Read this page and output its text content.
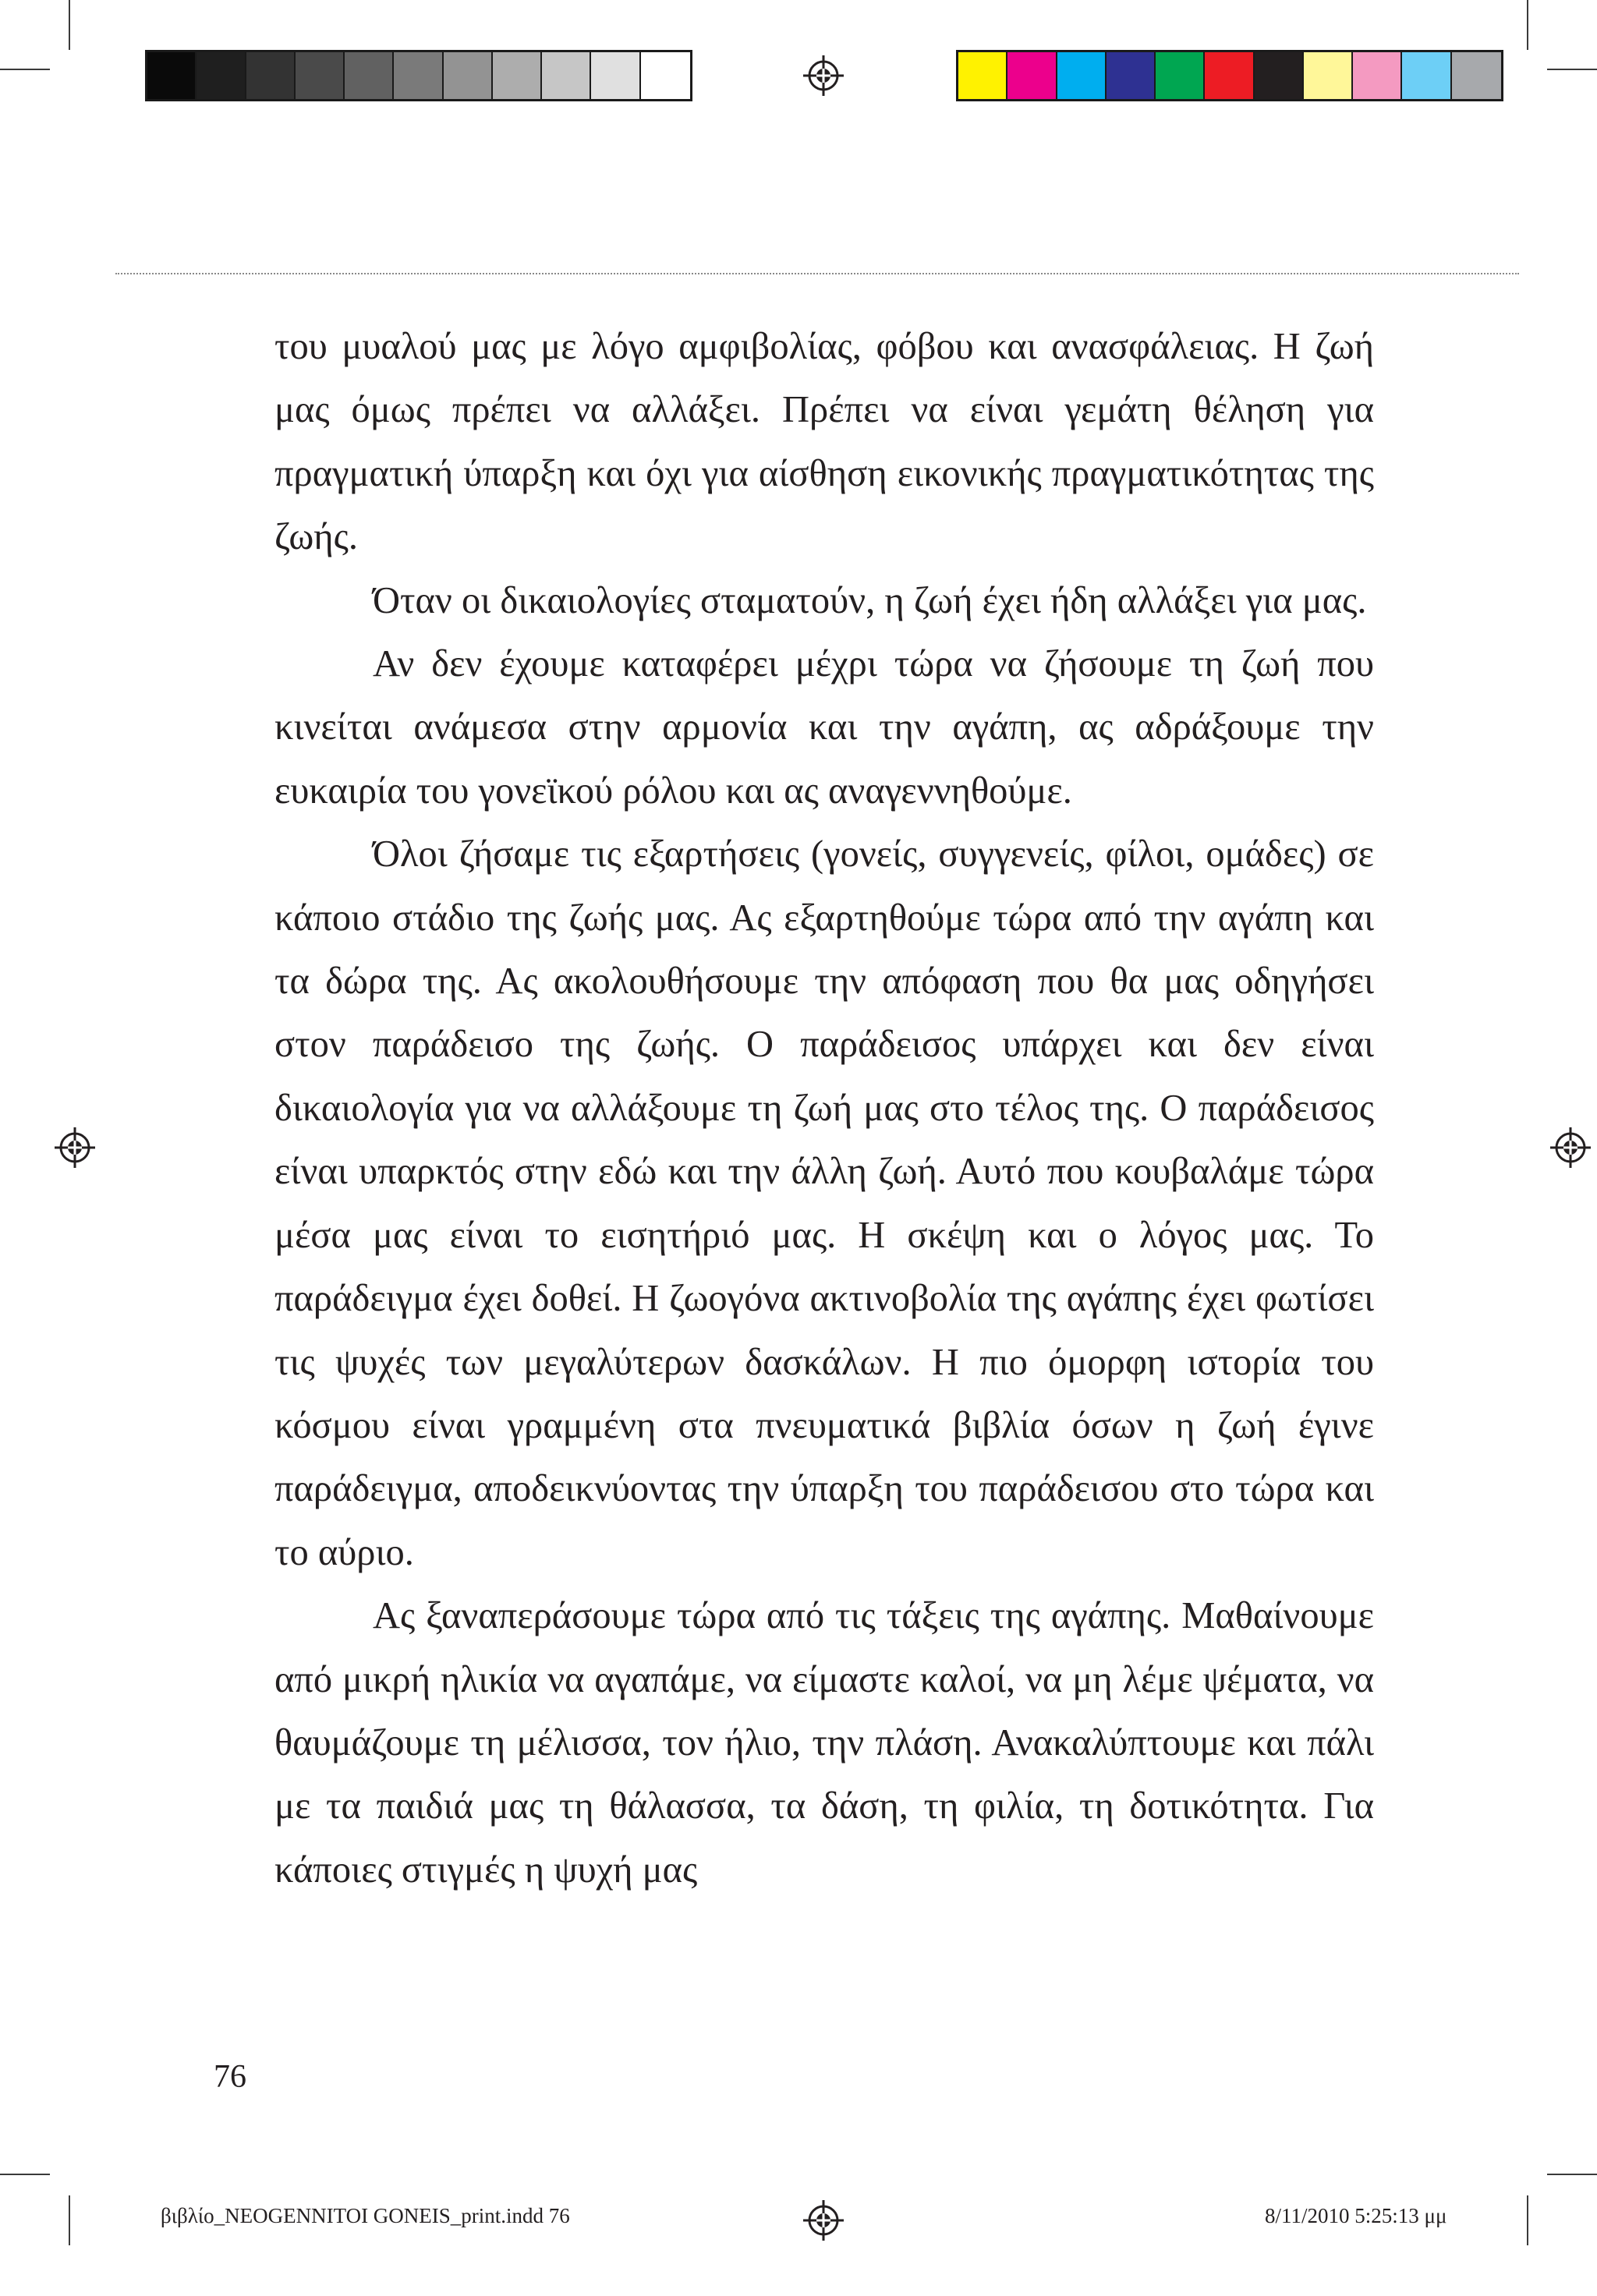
του μυαλού μας με λόγο αμφιβολίας, φόβου και ανασφάλειας. Η ζωή μας όμως πρέπει να αλλάξει. Πρέπει να είναι γεμάτη θέληση για πραγματική ύπαρξη και όχι για αίσθηση εικονικής πραγματικότητας της ζωής.

Όταν οι δικαιολογίες σταματούν, η ζωή έχει ήδη αλλάξει για μας.

Αν δεν έχουμε καταφέρει μέχρι τώρα να ζήσουμε τη ζωή που κινείται ανάμεσα στην αρμονία και την αγάπη, ας αδράξουμε την ευκαιρία του γονεϊκού ρόλου και ας αναγεννηθούμε.

Όλοι ζήσαμε τις εξαρτήσεις (γονείς, συγγενείς, φίλοι, ομάδες) σε κάποιο στάδιο της ζωής μας. Ας εξαρτηθούμε τώρα από την αγάπη και τα δώρα της. Ας ακολουθήσουμε την απόφαση που θα μας οδηγήσει στον παράδεισο της ζωής. Ο παράδεισος υπάρχει και δεν είναι δικαιολογία για να αλλάξουμε τη ζωή μας στο τέλος της. Ο παράδεισος είναι υπαρκτός στην εδώ και την άλλη ζωή. Αυτό που κουβαλάμε τώρα μέσα μας είναι το εισητήριό μας. Η σκέψη και ο λόγος μας. Το παράδειγμα έχει δοθεί. Η ζωογόνα ακτινοβολία της αγάπης έχει φωτίσει τις ψυχές των μεγαλύτερων δασκάλων. Η πιο όμορφη ιστορία του κόσμου είναι γραμμένη στα πνευματικά βιβλία όσων η ζωή έγινε παράδειγμα, αποδεικνύοντας την ύπαρξη του παράδεισου στο τώρα και το αύριο.

Ας ξαναπεράσουμε τώρα από τις τάξεις της αγάπης. Μαθαίνουμε από μικρή ηλικία να αγαπάμε, να είμαστε καλοί, να μη λέμε ψέματα, να θαυμάζουμε τη μέλισσα, τον ήλιο, την πλάση. Ανακαλύπτουμε και πάλι με τα παιδιά μας τη θάλασσα, τα δάση, τη φιλία, τη δοτικότητα. Για κάποιες στιγμές η ψυχή μας

76
βιβλίο_NEOGENNITOI GONEIS_print.indd 76	8/11/2010 5:25:13 μμ
